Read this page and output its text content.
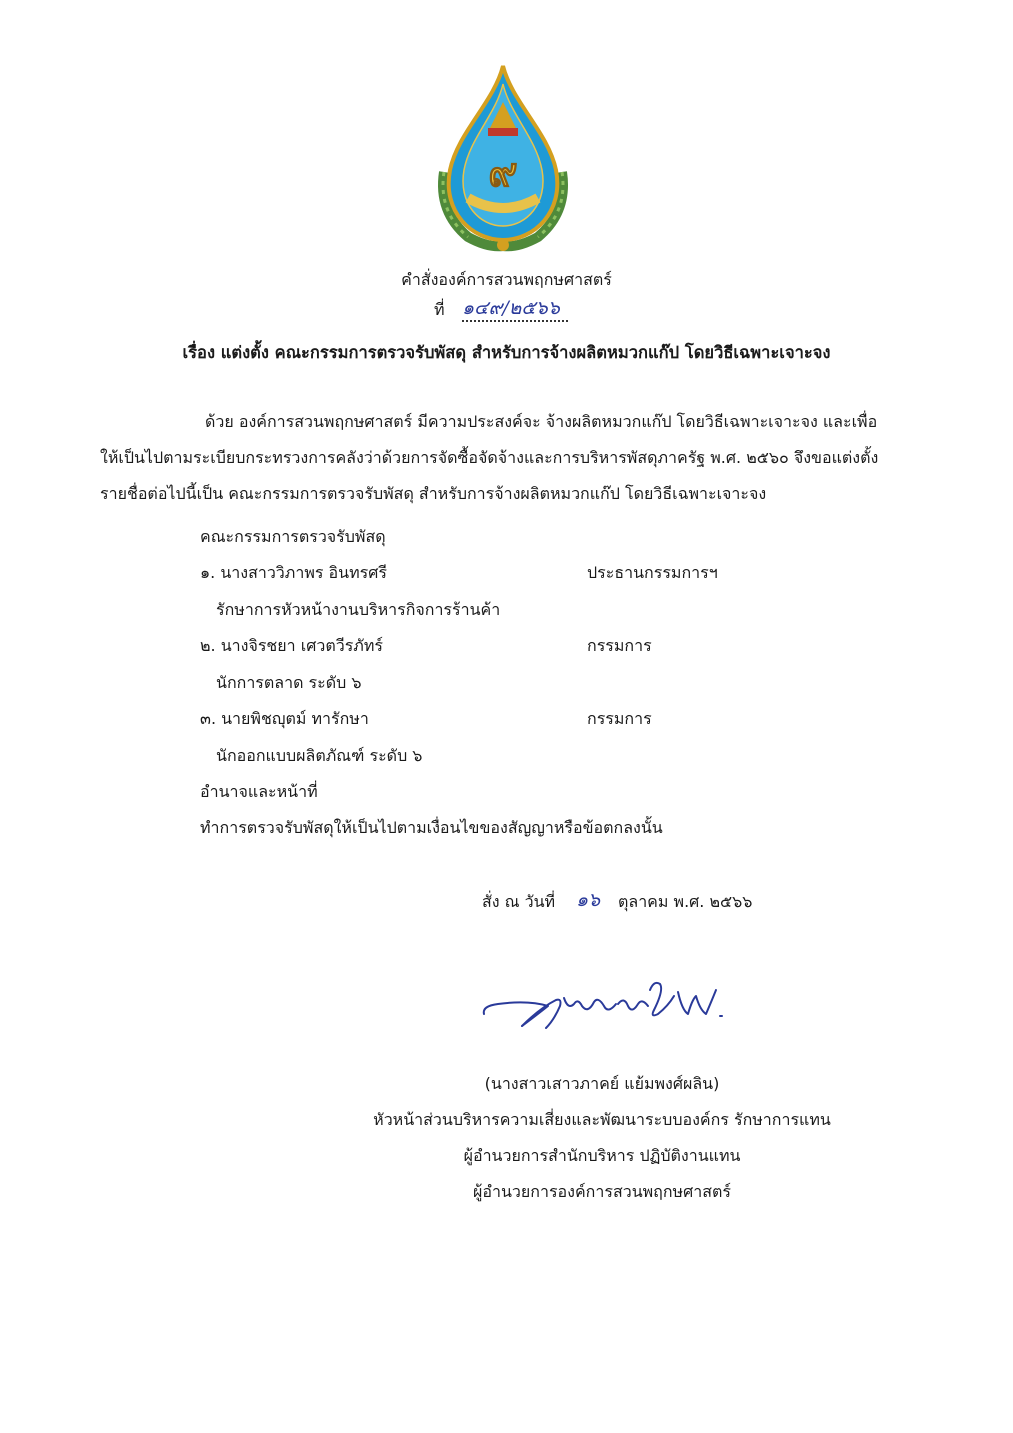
๙
คำสั่งองค์การสวนพฤกษศาสตร์
ที่ ๑๔๙/๒๕๖๖
เรื่อง แต่งตั้ง คณะกรรมการตรวจรับพัสดุ สำหรับการจ้างผลิตหมวกแก๊ป โดยวิธีเฉพาะเจาะจง
ด้วย องค์การสวนพฤกษศาสตร์ มีความประสงค์จะ จ้างผลิตหมวกแก๊ป โดยวิธีเฉพาะเจาะจง และเพื่อ
ให้เป็นไปตามระเบียบกระทรวงการคลังว่าด้วยการจัดซื้อจัดจ้างและการบริหารพัสดุภาครัฐ พ.ศ. ๒๕๖๐ จึงขอแต่งตั้ง
รายชื่อต่อไปนี้เป็น คณะกรรมการตรวจรับพัสดุ สำหรับการจ้างผลิตหมวกแก๊ป โดยวิธีเฉพาะเจาะจง
คณะกรรมการตรวจรับพัสดุ
๑. นางสาววิภาพร อินทรศรี	ประธานกรรมการฯ
รักษาการหัวหน้างานบริหารกิจการร้านค้า
๒. นางจิรชยา เศวตวีรภัทร์	กรรมการ
นักการตลาด ระดับ ๖
๓. นายพิชญุตม์ ทารักษา	กรรมการ
นักออกแบบผลิตภัณฑ์ ระดับ ๖
อำนาจและหน้าที่
ทำการตรวจรับพัสดุให้เป็นไปตามเงื่อนไขของสัญญาหรือข้อตกลงนั้น
สั่ง ณ วันที่ ๑๖ ตุลาคม พ.ศ. ๒๕๖๖
(นางสาวเสาวภาคย์ แย้มพงศ์ผลิน)
หัวหน้าส่วนบริหารความเสี่ยงและพัฒนาระบบองค์กร รักษาการแทน
ผู้อำนวยการสำนักบริหาร ปฏิบัติงานแทน
ผู้อำนวยการองค์การสวนพฤกษศาสตร์
